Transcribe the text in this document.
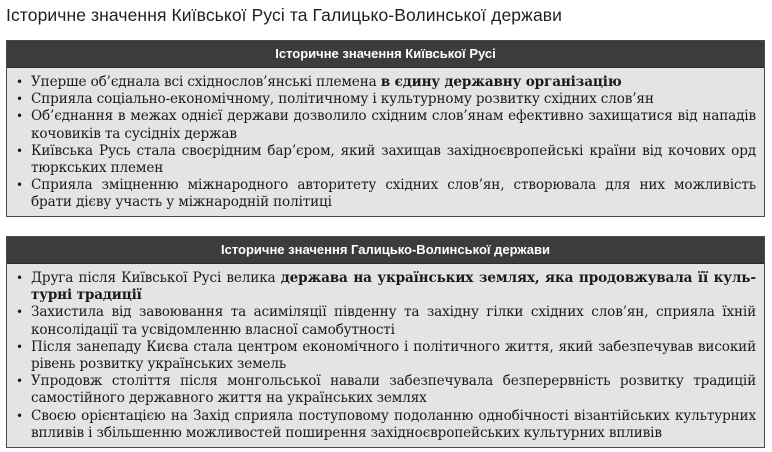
Історичне значення Київської Русі та Галицько-Волинської держави
Історичне значення Київської Русі
• Уперше об’єднала всі східнослов’янські племена в єдину державну організацію
• Сприяла соціально-економічному, політичному і культурному розвитку східних слов’ян
• Об’єднання в межах однієї держави дозволило східним слов’янам ефективно захищатися від нападів кочовиків та сусідніх держав
• Київська Русь стала своєрідним бар’єром, який захищав західноєвропейські країни від кочових орд тюркських племен
• Сприяла зміцненню міжнародного авторитету східних слов’ян, створювала для них можливість брати дієву участь у міжнародній політиці
Історичне значення Галицько-Волинської держави
• Друга після Київської Русі велика держава на українських землях, яка продовжувала її культурні традиції
• Захистила від завоювання та асиміляції південну та західну гілки східних слов’ян, сприяла їхній консолідації та усвідомленню власної самобутності
• Після занепаду Києва стала центром економічного і політичного життя, який забезпечував високий рівень розвитку українських земель
• Упродовж століття після монгольської навали забезпечувала безперервність розвитку традицій самостійного державного життя на українських землях
• Своєю орієнтацією на Захід сприяла поступовому подоланню однобічності візантійських культурних впливів і збільшенню можливостей поширення західноєвропейських культурних впливів
